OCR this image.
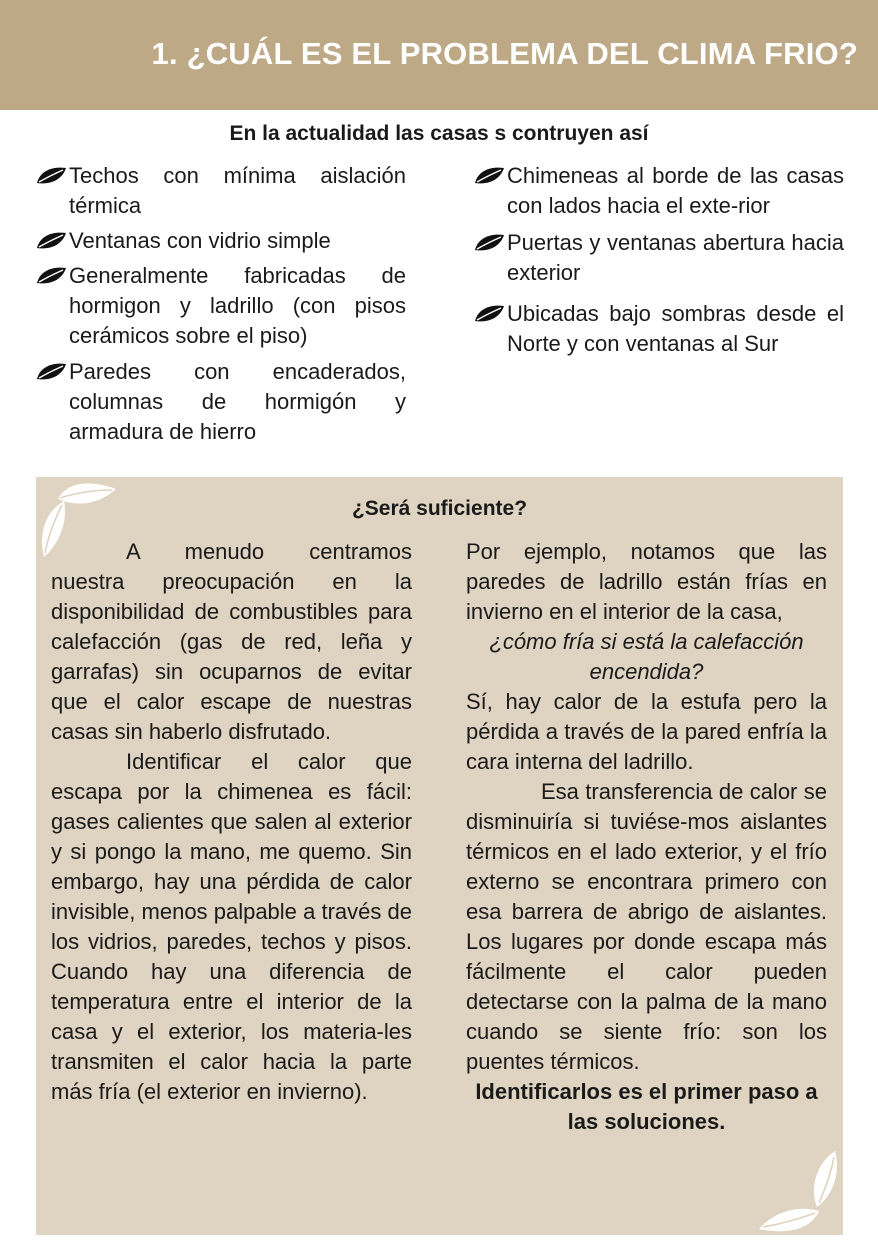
1. ¿CUÁL ES EL PROBLEMA DEL CLIMA FRIO?

En la actualidad las casas s contruyen así

Techos con mínima aislación térmica
Ventanas con vidrio simple
Generalmente fabricadas de hormigon y ladrillo (con pisos cerámicos sobre el piso)
Paredes con encaderados, columnas de hormigón y armadura de hierro
Chimeneas al borde de las casas con lados hacia el exte-rior
Puertas y ventanas abertura hacia exterior
Ubicadas bajo sombras desde el Norte y con ventanas al Sur

¿Será suficiente?

A menudo centramos nuestra preocupación en la disponibilidad de combustibles para calefacción (gas de red, leña y garrafas) sin ocuparnos de evitar que el calor escape de nuestras casas sin haberlo disfrutado.

Identificar el calor que escapa por la chimenea es fácil: gases calientes que salen al exterior y si pongo la mano, me quemo. Sin embargo, hay una pérdida de calor invisible, menos palpable a través de los vidrios, paredes, techos y pisos. Cuando hay una diferencia de temperatura entre el interior de la casa y el exterior, los materia-les transmiten el calor hacia la parte más fría (el exterior en invierno).

Por ejemplo, notamos que las paredes de ladrillo están frías en invierno en el interior de la casa,

¿cómo fría si está la calefacción encendida?

Sí, hay calor de la estufa pero la pérdida a través de la pared enfría la cara interna del ladrillo.

Esa transferencia de calor se disminuiría si tuviése-mos aislantes térmicos en el lado exterior, y el frío externo se encontrara primero con esa barrera de abrigo de aislantes. Los lugares por donde escapa más fácilmente el calor pueden detectarse con la palma de la mano cuando se siente frío: son los puentes térmicos.

Identificarlos es el primer paso a las soluciones.
